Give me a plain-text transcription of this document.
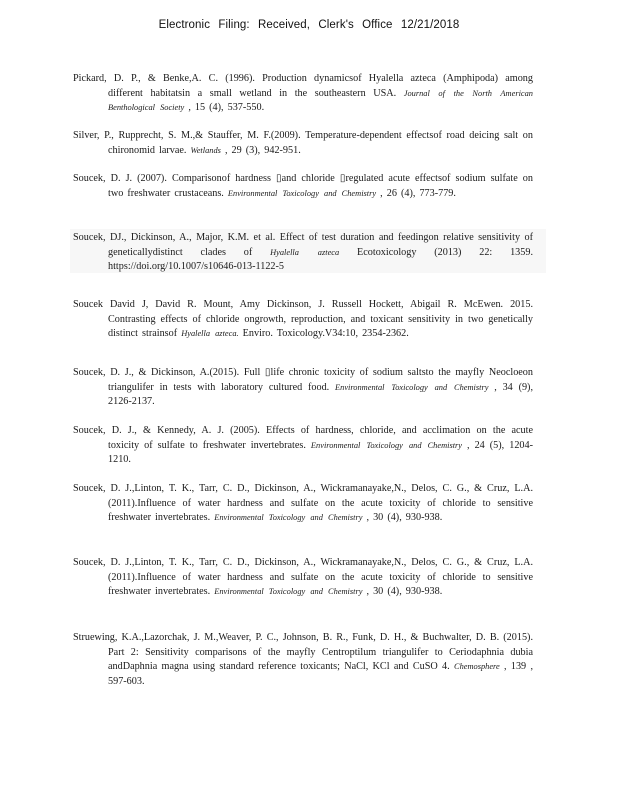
Electronic Filing: Received, Clerk's Office 12/21/2018
Pickard, D. P., & Benke,A. C. (1996). Production dynamicsof Hyalella azteca (Amphipoda) among different habitatsin a small wetland in the southeastern USA. Journal of the North American Benthological Society , 15 (4), 537-550.
Silver, P., Rupprecht, S. M.,& Stauffer, M. F.(2009). Temperature-dependent effectsof road deicing salt on chironomid larvae. Wetlands , 29 (3), 942-951.
Soucek, D. J. (2007). Comparisonof hardness ▯and chloride ▯regulated acute effectsof sodium sulfate on two freshwater crustaceans. Environmental Toxicology and Chemistry , 26 (4), 773-779.
Soucek, DJ., Dickinson, A., Major, K.M. et al. Effect of test duration and feedingon relative sensitivity of geneticallydistinct clades of Hyalella azteca Ecotoxicology (2013) 22: 1359. https://doi.org/10.1007/s10646-013-1122-5
Soucek David J, David R. Mount, Amy Dickinson, J. Russell Hockett, Abigail R. McEwen. 2015. Contrasting effects of chloride ongrowth, reproduction, and toxicant sensitivity in two genetically distinct strainsof Hyalella azteca. Enviro. Toxicology.V34:10, 2354-2362.
Soucek, D. J., & Dickinson, A.(2015). Full ▯life chronic toxicity of sodium saltsto the mayfly Neocloeon triangulifer in tests with laboratory cultured food. Environmental Toxicology and Chemistry , 34 (9), 2126-2137.
Soucek, D. J., & Kennedy, A. J. (2005). Effects of hardness, chloride, and acclimation on the acute toxicity of sulfate to freshwater invertebrates. Environmental Toxicology and Chemistry , 24 (5), 1204-1210.
Soucek, D. J.,Linton, T. K., Tarr, C. D., Dickinson, A., Wickramanayake,N., Delos, C. G., & Cruz, L.A. (2011).Influence of water hardness and sulfate on the acute toxicity of chloride to sensitive freshwater invertebrates. Environmental Toxicology and Chemistry , 30 (4), 930-938.
Soucek, D. J.,Linton, T. K., Tarr, C. D., Dickinson, A., Wickramanayake,N., Delos, C. G., & Cruz, L.A. (2011).Influence of water hardness and sulfate on the acute toxicity of chloride to sensitive freshwater invertebrates. Environmental Toxicology and Chemistry , 30 (4), 930-938.
Struewing, K.A.,Lazorchak, J. M.,Weaver, P. C., Johnson, B. R., Funk, D. H., & Buchwalter, D. B. (2015). Part 2: Sensitivity comparisons of the mayfly Centroptilum triangulifer to Ceriodaphnia dubia andDaphnia magna using standard reference toxicants; NaCl, KCl and CuSO 4. Chemosphere , 139 , 597-603.
